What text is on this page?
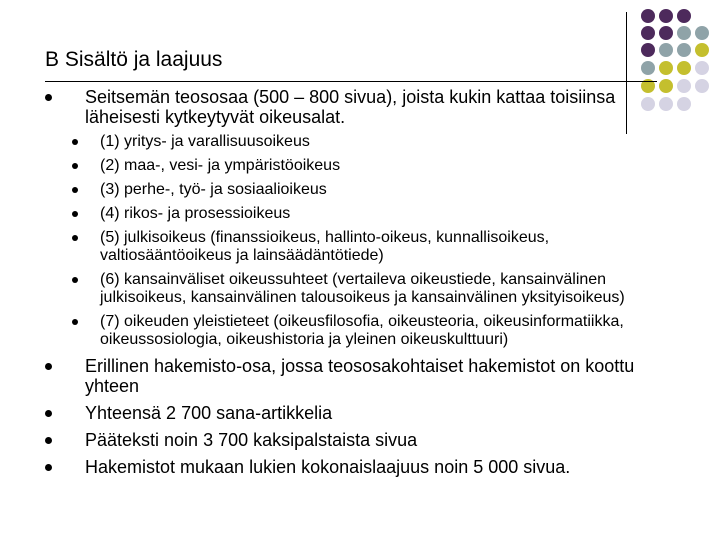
B Sisältö ja laajuus
Seitsemän teososaa (500 – 800 sivua), joista kukin kattaa toisiinsa läheisesti kytkeytyvät oikeusalat.
(1) yritys- ja varallisuusoikeus
(2) maa-, vesi- ja ympäristöoikeus
(3) perhe-, työ- ja sosiaalioikeus
(4) rikos- ja prosessioikeus
(5) julkisoikeus (finanssioikeus, hallinto-oikeus, kunnallisoikeus, valtiosääntöoikeus ja lainsäädäntötiede)
(6) kansainväliset oikeussuhteet (vertaileva oikeustiede, kansainvälinen julkisoikeus, kansainvälinen talousoikeus ja kansainvälinen yksityisoikeus)
(7) oikeuden yleistieteet (oikeusfilosofia, oikeusteoria, oikeusinformatiikka, oikeussosiologia, oikeushistoria ja yleinen oikeuskulttuuri)
Erillinen hakemisto-osa, jossa teososakohtaiset hakemistot on koottu yhteen
Yhteensä 2 700 sana-artikkelia
Pääteksti noin 3 700 kaksipalstaista sivua
Hakemistot mukaan lukien kokonaislaajuus noin 5 000 sivua.
